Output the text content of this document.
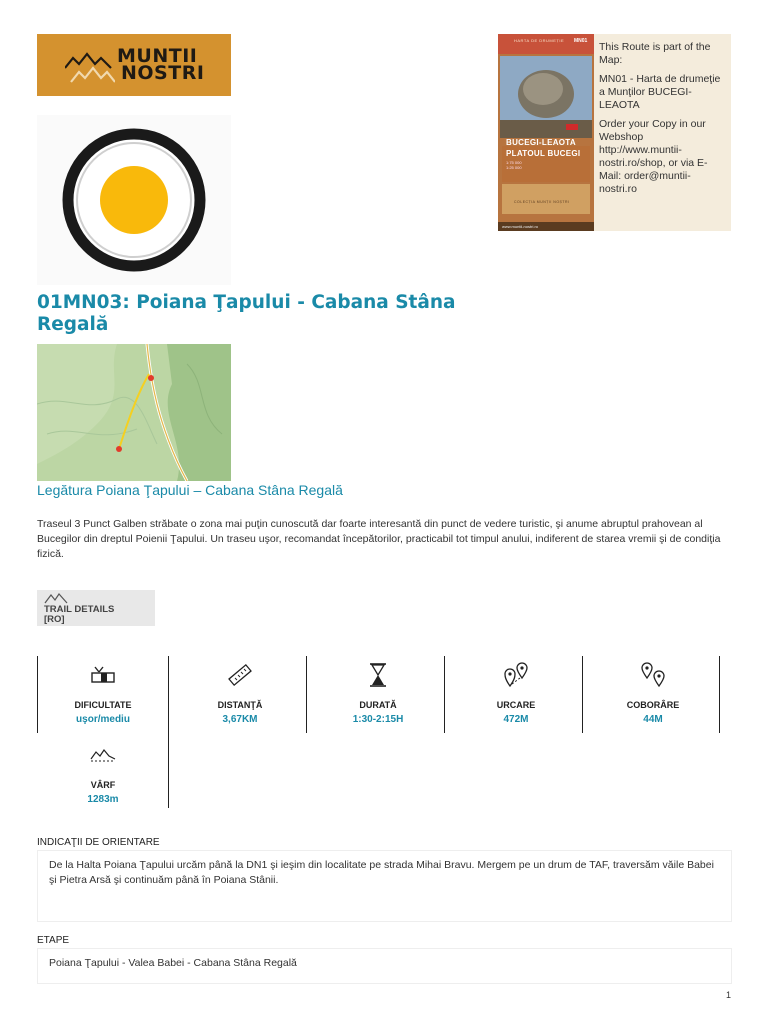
MUNTII
NOSTRI
HARTA DE DRUMEȚIE MN01
BUCEGI-LEAOTA
PLATOUL BUCEGI
1:75 000
1:25 000
COLECȚIA MUNȚII NOȘTRI
www.muntii-nostri.ro

This Route is part of the Map:

MN01 - Harta de drumeţie a Munţilor BUCEGI-LEAOTA

Order your Copy in our Webshop http://www.muntii-nostri.ro/shop, or via E-Mail: order@muntii-nostri.ro

01MN03: Poiana Ţapului - Cabana Stâna Regală
Legătura Poiana Ţapului – Cabana Stâna Regală
Traseul 3 Punct Galben străbate o zona mai puţin cunoscută dar foarte interesantă din punct de vedere turistic, şi anume abruptul prahovean al Bucegilor din dreptul Poienii Ţapului. Un traseu uşor, recomandat începătorilor, practicabil tot timpul anului, indiferent de starea vremii şi de condiţia fizică.
TRAIL DETAILS
[RO]
DIFICULTATE
uşor/mediu
DISTANŢĂ
3,67KM
DURATĂ
1:30-2:15H
URCARE
472M
COBORÂRE
44M
VÂRF
1283m
INDICAŢII DE ORIENTARE
De la Halta Poiana Ţapului urcăm până la DN1 şi ieşim din localitate pe strada Mihai Bravu. Mergem pe un drum de TAF, traversăm văile Babei şi Pietra Arsă şi continuăm până în Poiana Stânii.
ETAPE
Poiana Ţapului - Valea Babei - Cabana Stâna Regală
1
